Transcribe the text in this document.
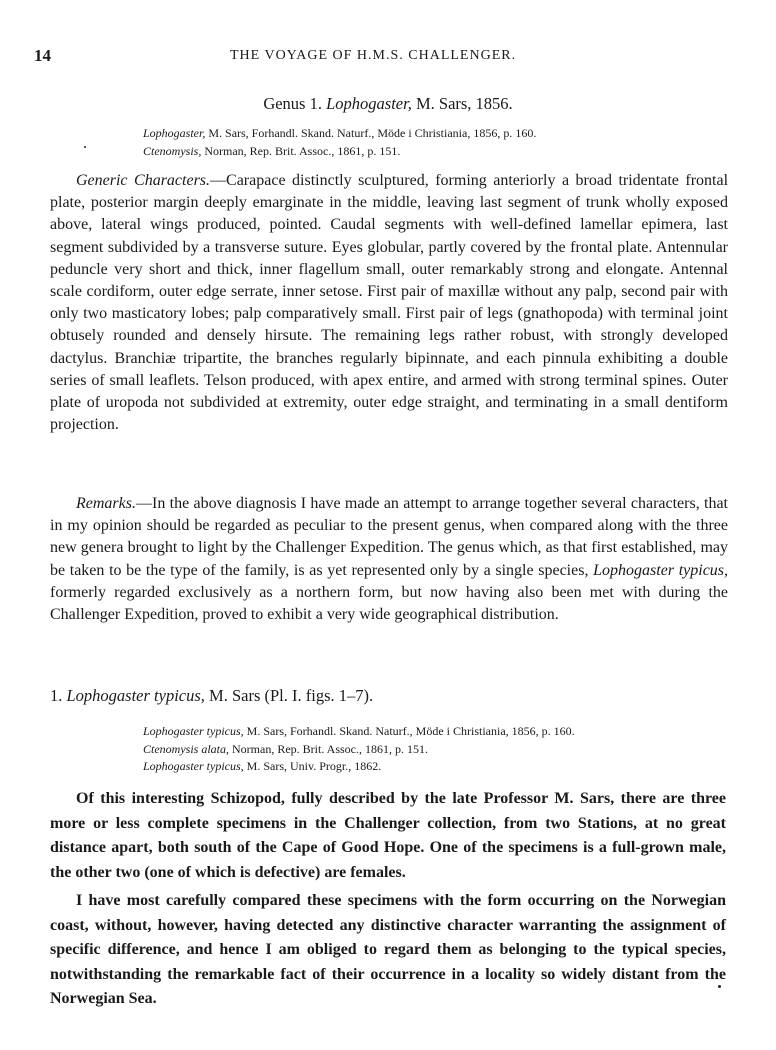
14	THE VOYAGE OF H.M.S. CHALLENGER.
Genus 1. Lophogaster, M. Sars, 1856.
Lophogaster, M. Sars, Forhandl. Skand. Naturf., Möde i Christiania, 1856, p. 160.
Ctenomysis, Norman, Rep. Brit. Assoc., 1861, p. 151.

Generic Characters.—Carapace distinctly sculptured, forming anteriorly a broad tridentate frontal plate, posterior margin deeply emarginate in the middle, leaving last segment of trunk wholly exposed above, lateral wings produced, pointed. Caudal segments with well-defined lamellar epimera, last segment subdivided by a transverse suture. Eyes globular, partly covered by the frontal plate. Antennular peduncle very short and thick, inner flagellum small, outer remarkably strong and elongate. Antennal scale cordiform, outer edge serrate, inner setose. First pair of maxillæ without any palp, second pair with only two masticatory lobes; palp comparatively small. First pair of legs (gnathopoda) with terminal joint obtusely rounded and densely hirsute. The remaining legs rather robust, with strongly developed dactylus. Branchiæ tripartite, the branches regularly bipinnate, and each pinnula exhibiting a double series of small leaflets. Telson produced, with apex entire, and armed with strong terminal spines. Outer plate of uropoda not subdivided at extremity, outer edge straight, and terminating in a small dentiform projection.

Remarks.—In the above diagnosis I have made an attempt to arrange together several characters, that in my opinion should be regarded as peculiar to the present genus, when compared along with the three new genera brought to light by the Challenger Expedition. The genus which, as that first established, may be taken to be the type of the family, is as yet represented only by a single species, Lophogaster typicus, formerly regarded exclusively as a northern form, but now having also been met with during the Challenger Expedition, proved to exhibit a very wide geographical distribution.

1. Lophogaster typicus, M. Sars (Pl. I. figs. 1–7).
Lophogaster typicus, M. Sars, Forhandl. Skand. Naturf., Möde i Christiania, 1856, p. 160.
Ctenomysis alata, Norman, Rep. Brit. Assoc., 1861, p. 151.
Lophogaster typicus, M. Sars, Univ. Progr., 1862.

Of this interesting Schizopod, fully described by the late Professor M. Sars, there are three more or less complete specimens in the Challenger collection, from two Stations, at no great distance apart, both south of the Cape of Good Hope. One of the specimens is a full-grown male, the other two (one of which is defective) are females.

I have most carefully compared these specimens with the form occurring on the Norwegian coast, without, however, having detected any distinctive character warranting the assignment of specific difference, and hence I am obliged to regard them as belonging to the typical species, notwithstanding the remarkable fact of their occurrence in a locality so widely distant from the Norwegian Sea.
